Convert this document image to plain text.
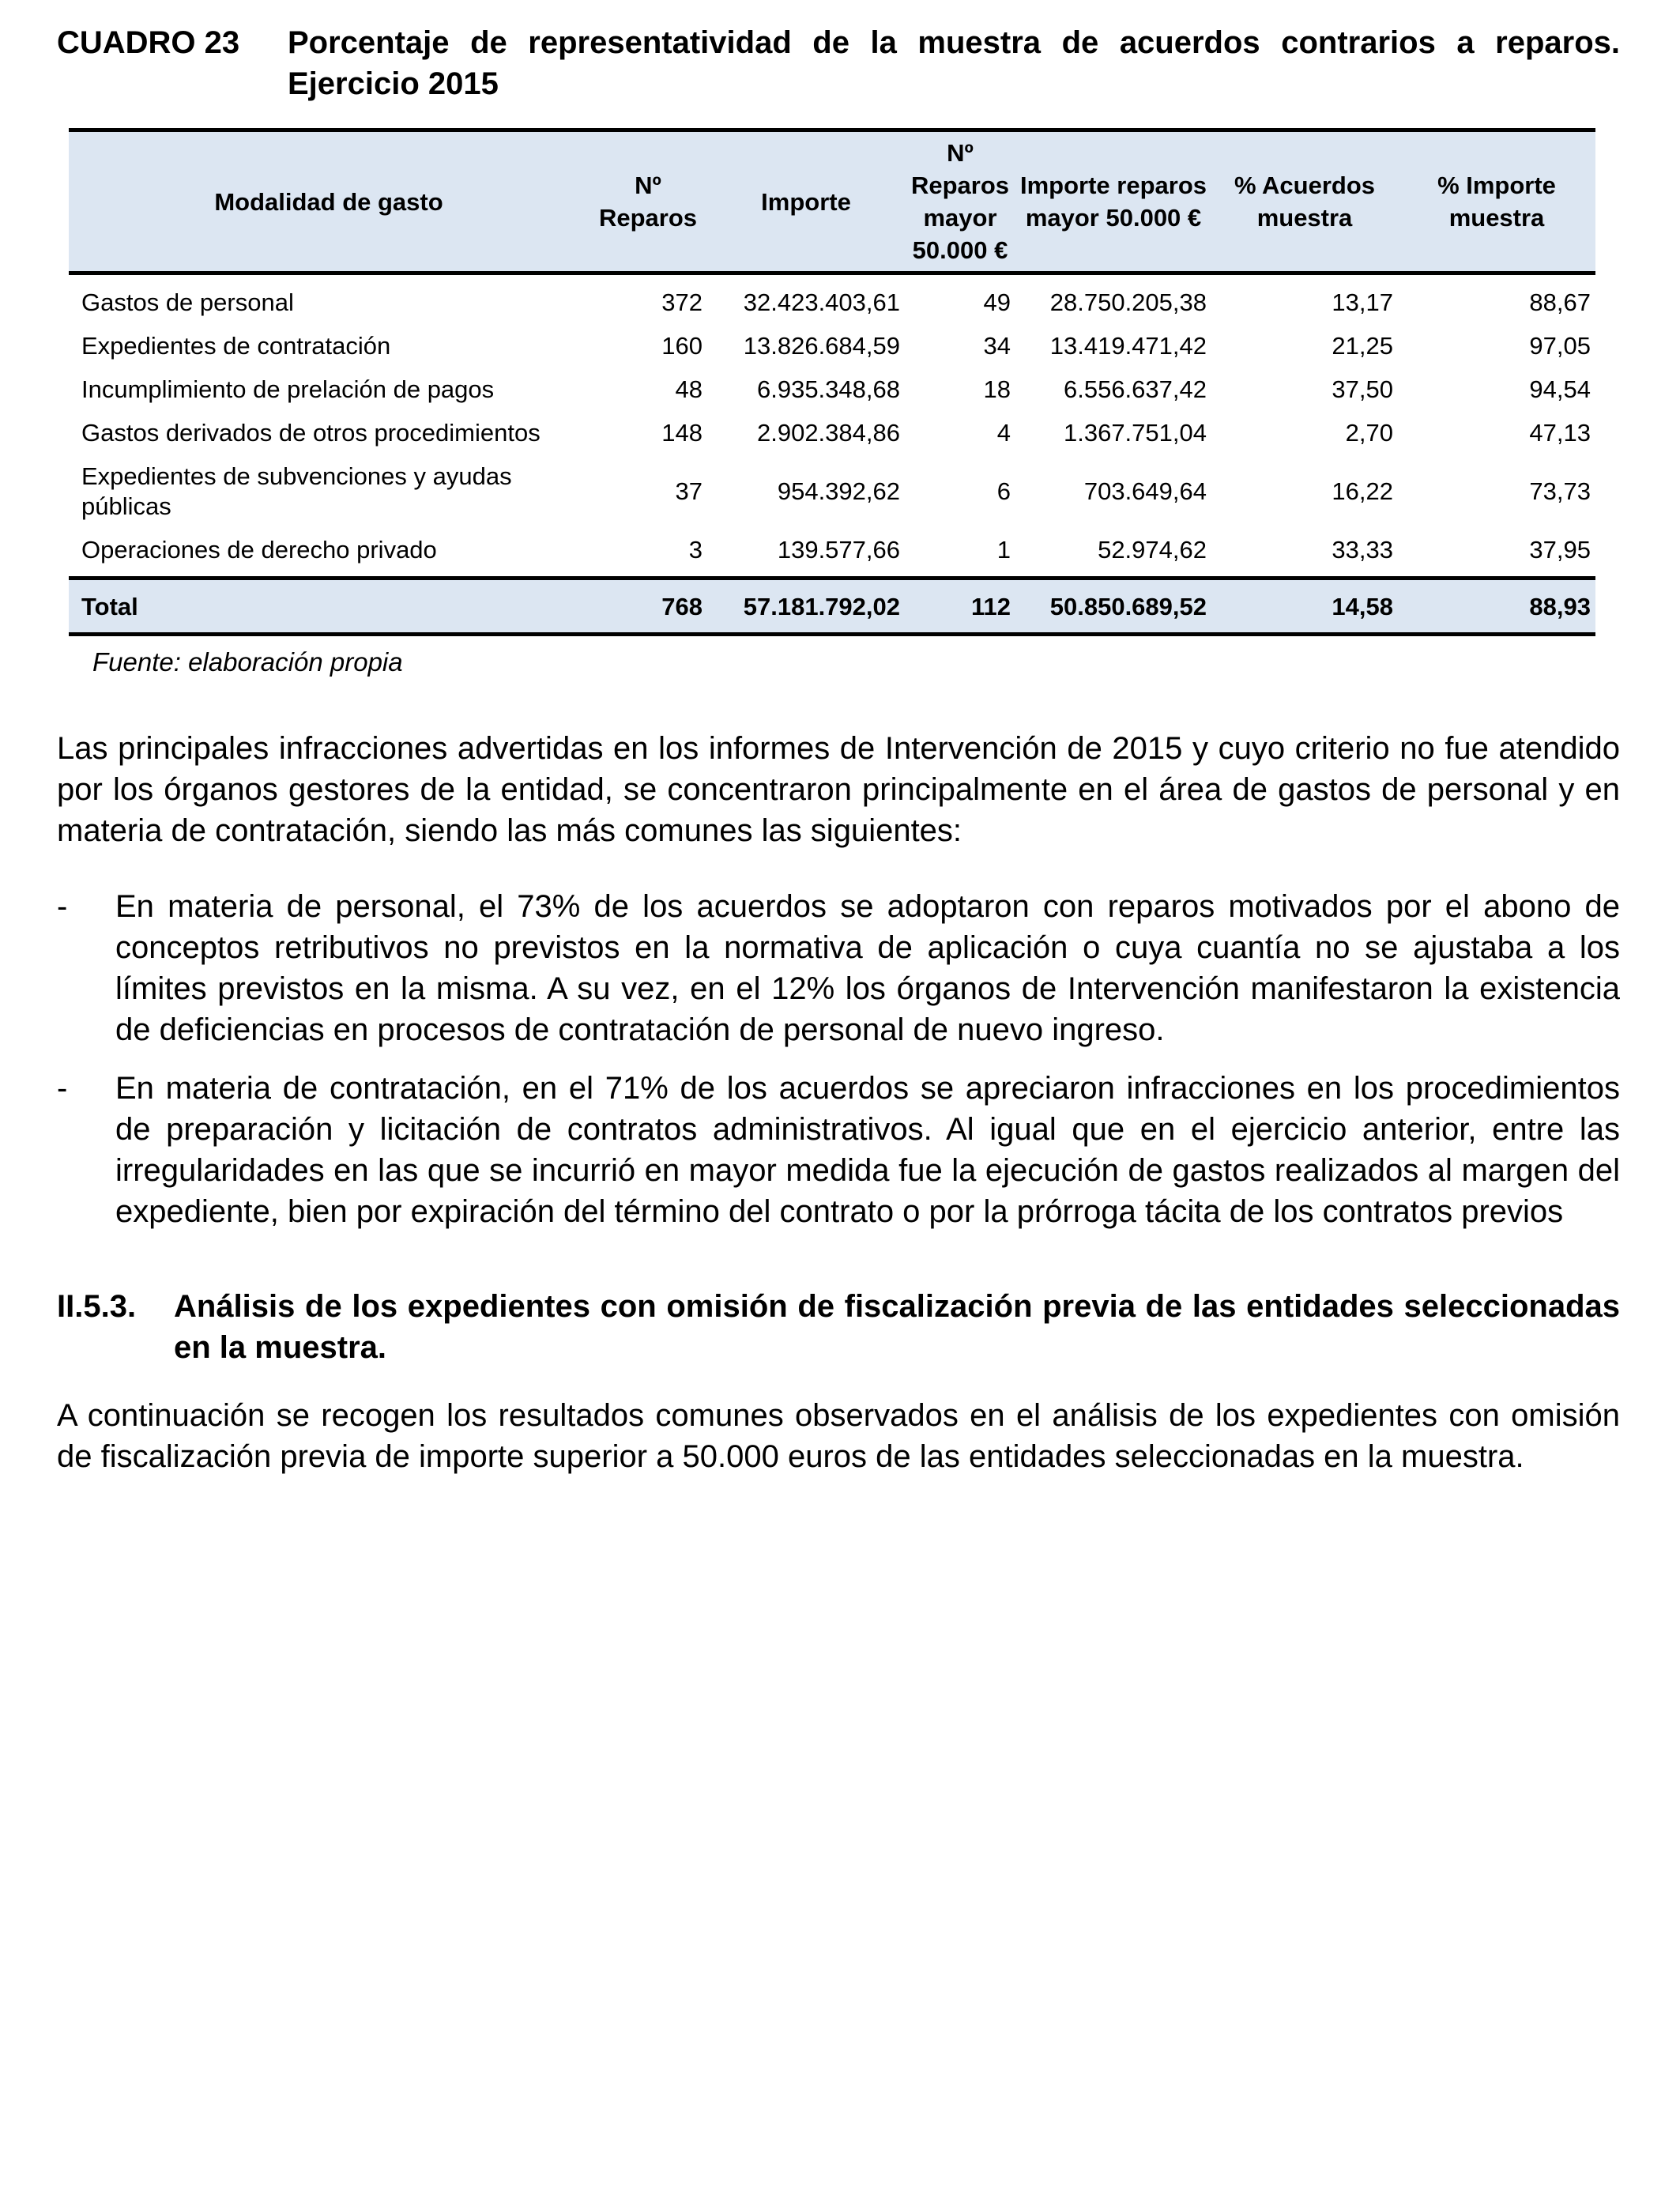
CUADRO 23	Porcentaje de representatividad de la muestra de acuerdos contrarios a reparos. Ejercicio 2015
Modalidad de gasto	Nº Reparos	Importe	Nº Reparos mayor 50.000 €	Importe reparos mayor 50.000 €	% Acuerdos muestra	% Importe muestra
Gastos de personal	372	32.423.403,61	49	28.750.205,38	13,17	88,67
Expedientes de contratación	160	13.826.684,59	34	13.419.471,42	21,25	97,05
Incumplimiento de prelación de pagos	48	6.935.348,68	18	6.556.637,42	37,50	94,54
Gastos derivados de otros procedimientos	148	2.902.384,86	4	1.367.751,04	2,70	47,13
Expedientes de subvenciones y ayudas públicas	37	954.392,62	6	703.649,64	16,22	73,73
Operaciones de derecho privado	3	139.577,66	1	52.974,62	33,33	37,95
Total	768	57.181.792,02	112	50.850.689,52	14,58	88,93
Fuente: elaboración propia

Las principales infracciones advertidas en los informes de Intervención de 2015 y cuyo criterio no fue atendido por los órganos gestores de la entidad, se concentraron principalmente en el área de gastos de personal y en materia de contratación, siendo las más comunes las siguientes:

-	En materia de personal, el 73% de los acuerdos se adoptaron con reparos motivados por el abono de conceptos retributivos no previstos en la normativa de aplicación o cuya cuantía no se ajustaba a los límites previstos en la misma. A su vez, en el 12% los órganos de Intervención manifestaron la existencia de deficiencias en procesos de contratación de personal de nuevo ingreso.
-	En materia de contratación, en el 71% de los acuerdos se apreciaron infracciones en los procedimientos de preparación y licitación de contratos administrativos. Al igual que en el ejercicio anterior, entre las irregularidades en las que se incurrió en mayor medida fue la ejecución de gastos realizados al margen del expediente, bien por expiración del término del contrato o por la prórroga tácita de los contratos previos
II.5.3.	Análisis de los expedientes con omisión de fiscalización previa de las entidades seleccionadas en la muestra.

A continuación se recogen los resultados comunes observados en el análisis de los expedientes con omisión de fiscalización previa de importe superior a 50.000 euros de las entidades seleccionadas en la muestra.
